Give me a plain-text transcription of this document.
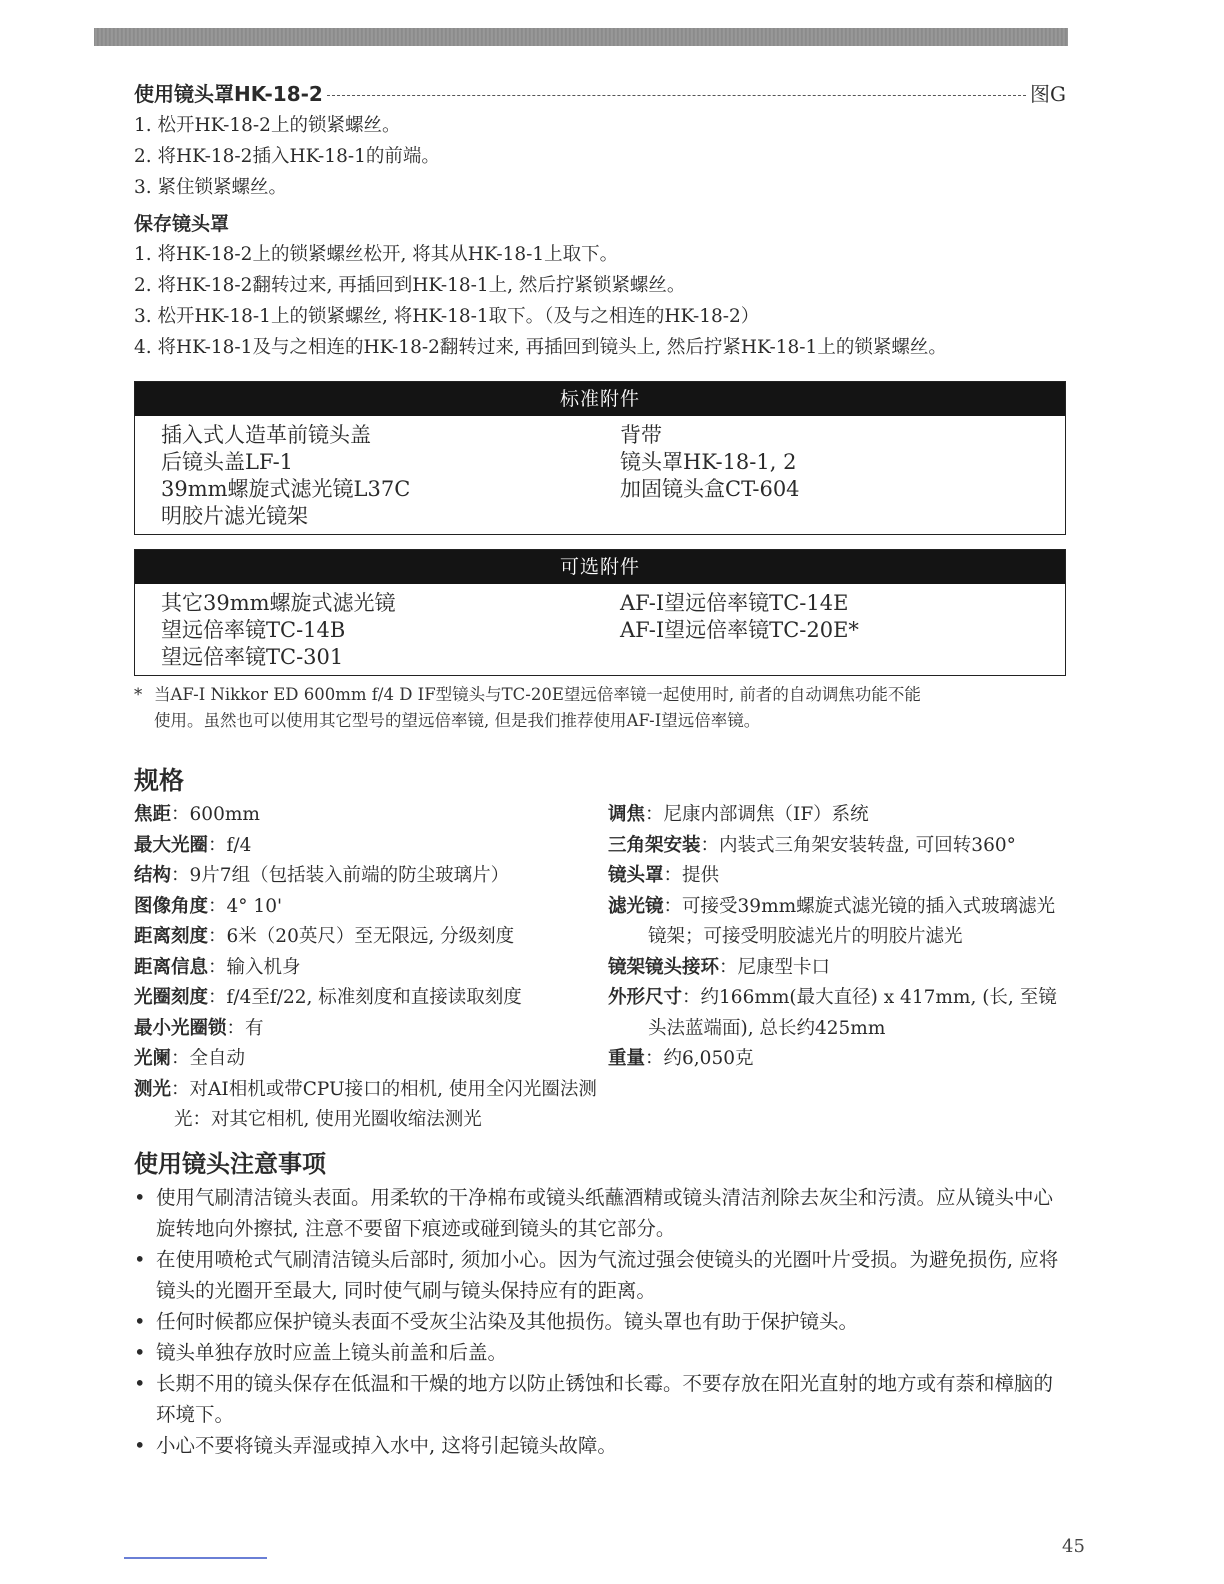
使用镜头罩HK-18-2	图G
1. 松开HK-18-2上的锁紧螺丝。
2. 将HK-18-2插入HK-18-1的前端。
3. 紧住锁紧螺丝。
保存镜头罩
1. 将HK-18-2上的锁紧螺丝松开, 将其从HK-18-1上取下。
2. 将HK-18-2翻转过来, 再插回到HK-18-1上, 然后拧紧锁紧螺丝。
3. 松开HK-18-1上的锁紧螺丝, 将HK-18-1取下。（及与之相连的HK-18-2）
4. 将HK-18-1及与之相连的HK-18-2翻转过来, 再插回到镜头上, 然后拧紧HK-18-1上的锁紧螺丝。
标准附件
插入式人造革前镜头盖
后镜头盖LF-1
39mm螺旋式滤光镜L37C
明胶片滤光镜架
背带
镜头罩HK-18-1, 2
加固镜头盒CT-604
可选附件
其它39mm螺旋式滤光镜
望远倍率镜TC-14B
望远倍率镜TC-301
AF-I望远倍率镜TC-14E
AF-I望远倍率镜TC-20E*
* 当AF-I Nikkor ED 600mm f/4 D IF型镜头与TC-20E望远倍率镜一起使用时, 前者的自动调焦功能不能
使用。虽然也可以使用其它型号的望远倍率镜, 但是我们推荐使用AF-I望远倍率镜。
规格
焦距：600mm
最大光圈：f/4
结构：9片7组（包括装入前端的防尘玻璃片）
图像角度：4° 10'
距离刻度：6米（20英尺）至无限远, 分级刻度
距离信息：输入机身
光圈刻度：f/4至f/22, 标准刻度和直接读取刻度
最小光圈锁：有
光阑：全自动
测光：对AI相机或带CPU接口的相机, 使用全闪光圈法测光：对其它相机, 使用光圈收缩法测光
调焦：尼康内部调焦（IF）系统
三角架安装：内装式三角架安装转盘, 可回转360°
镜头罩：提供
滤光镜：可接受39mm螺旋式滤光镜的插入式玻璃滤光镜架；可接受明胶滤光片的明胶片滤光
镜架镜头接环：尼康型卡口
外形尺寸：约166mm(最大直径) x 417mm, (长, 至镜头法蓝端面), 总长约425mm
重量：约6,050克
使用镜头注意事项
• 使用气刷清洁镜头表面。用柔软的干净棉布或镜头纸蘸酒精或镜头清洁剂除去灰尘和污渍。应从镜头中心旋转地向外擦拭, 注意不要留下痕迹或碰到镜头的其它部分。
• 在使用喷枪式气刷清洁镜头后部时, 须加小心。因为气流过强会使镜头的光圈叶片受损。为避免损伤, 应将镜头的光圈开至最大, 同时使气刷与镜头保持应有的距离。
• 任何时候都应保护镜头表面不受灰尘沾染及其他损伤。镜头罩也有助于保护镜头。
• 镜头单独存放时应盖上镜头前盖和后盖。
• 长期不用的镜头保存在低温和干燥的地方以防止锈蚀和长霉。不要存放在阳光直射的地方或有萘和樟脑的环境下。
• 小心不要将镜头弄湿或掉入水中, 这将引起镜头故障。
45
